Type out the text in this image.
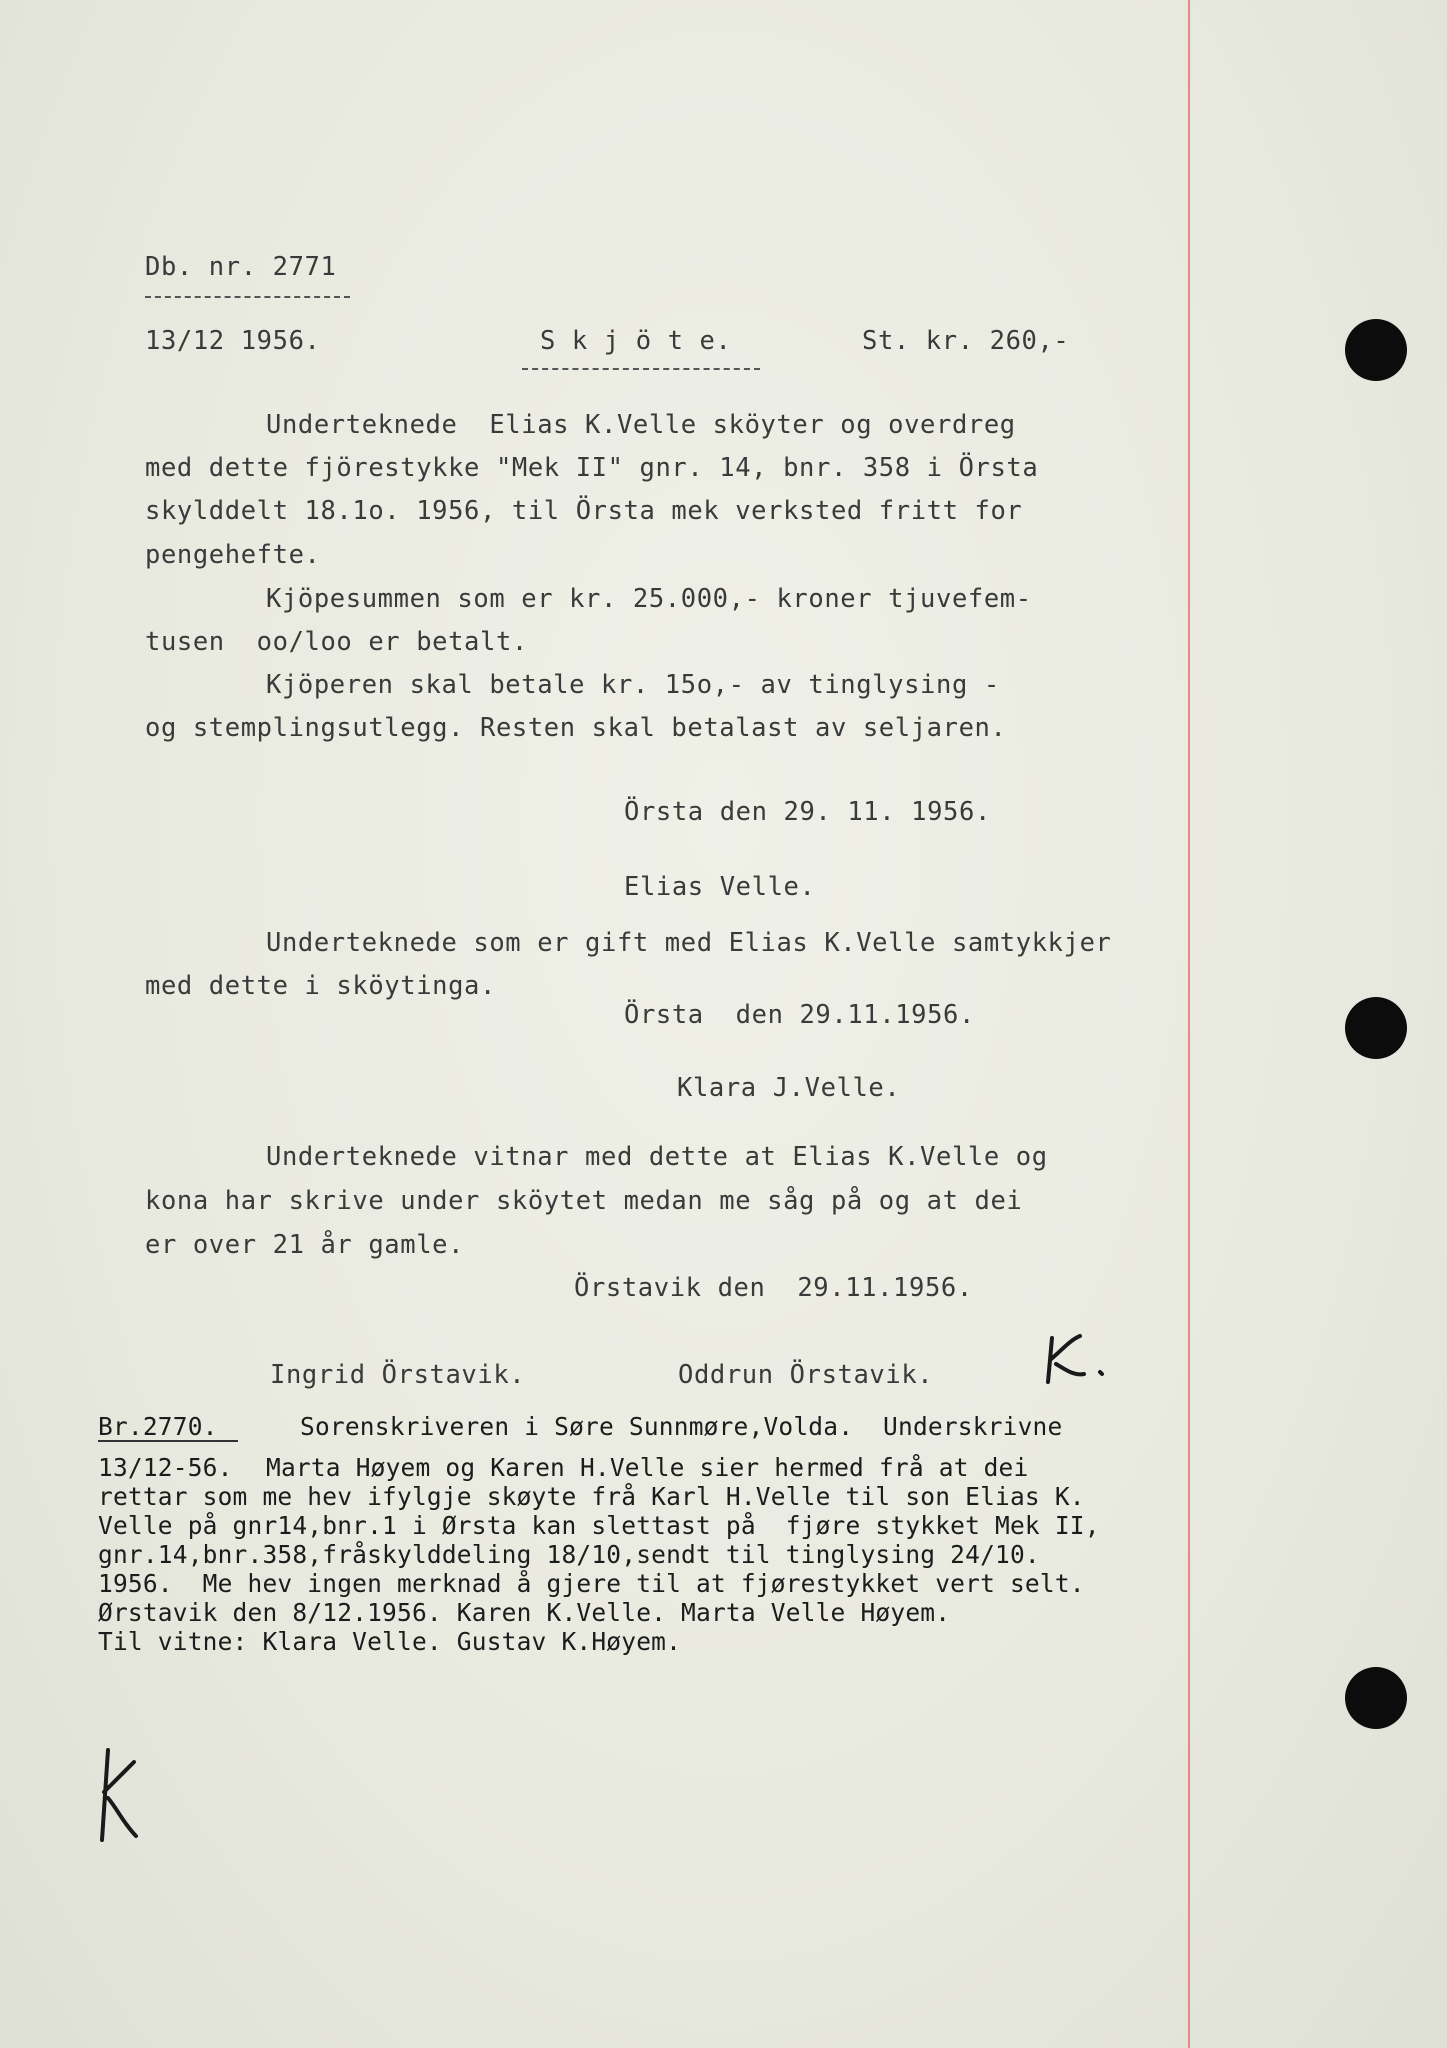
Db. nr. 2771
13/12 1956.	S k j ö t e.	St. kr. 260,-
Underteknede  Elias K.Velle sköyter og overdreg
med dette fjörestykke "Mek II" gnr. 14, bnr. 358 i Örsta
skylddelt 18.1o. 1956, til Örsta mek verksted fritt for
pengehefte.
Kjöpesummen som er kr. 25.000,- kroner tjuvefem-
tusen  oo/loo er betalt.
Kjöperen skal betale kr. 15o,- av tinglysing -
og stemplingsutlegg. Resten skal betalast av seljaren.
Örsta den 29. 11. 1956.
Elias Velle.
Underteknede som er gift med Elias K.Velle samtykkjer
med dette i sköytinga.
Örsta  den 29.11.1956.
Klara J.Velle.
Underteknede vitnar med dette at Elias K.Velle og
kona har skrive under sköytet medan me såg på og at dei
er over 21 år gamle.
Örstavik den  29.11.1956.
Ingrid Örstavik.	Oddrun Örstavik.
Br.2770.
13/12-56.
Sorenskriveren i Søre Sunnmøre,Volda.  Underskrivne
Marta Høyem og Karen H.Velle sier hermed frå at dei
rettar som me hev ifylgje skøyte frå Karl H.Velle til son Elias K.
Velle på gnr14,bnr.1 i Ørsta kan slettast på  fjøre stykket Mek II,
gnr.14,bnr.358,fråskylddeling 18/10,sendt til tinglysing 24/10.
1956.  Me hev ingen merknad å gjere til at fjørestykket vert selt.
Ørstavik den 8/12.1956. Karen K.Velle. Marta Velle Høyem.
Til vitne: Klara Velle. Gustav K.Høyem.
